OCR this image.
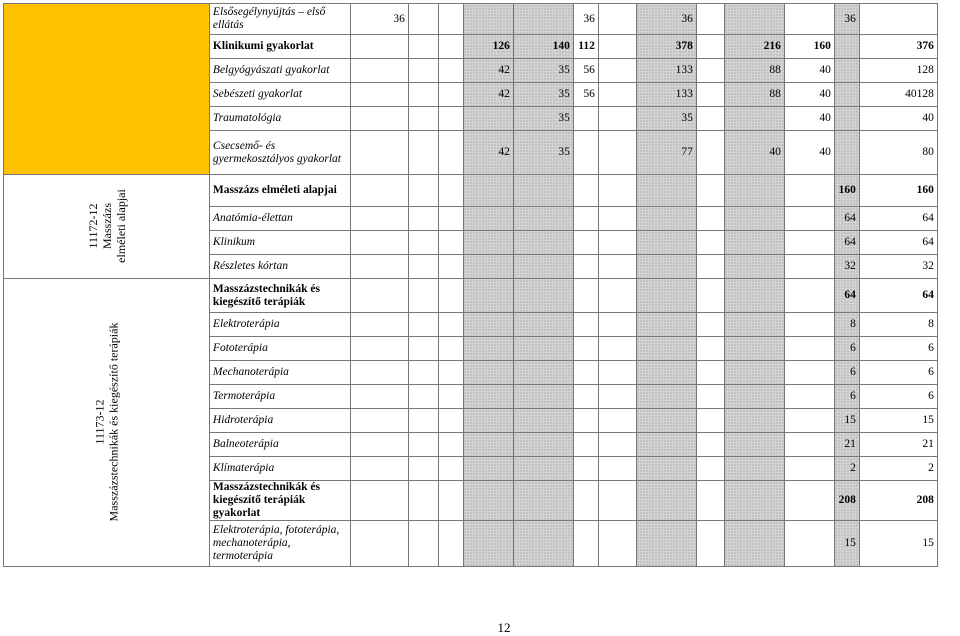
	Elsősegélynyújtás – első ellátás	36					36		36				36	
	Klinikumi gyakorlat				126	140	112		378		216	160		376
	Belgyógyászati gyakorlat				42	35	56		133		88	40		128
	Sebészeti gyakorlat				42	35	56		133		88	40		40128
	Traumatológia					35			35			40		40
	Csecsemő- és gyermekosztályos gyakorlat				42	35			77		40	40		80
11172-12
Masszázs
elméleti alapjai	Masszázs elméleti alapjai												160	160
	Anatómia-élettan												64	64
	Klinikum												64	64
	Részletes kórtan												32	32
11173-12
Masszázstechnikák és kiegészítő terápiák	Masszázstechnikák és kiegészítő terápiák												64	64
	Elektroterápia												8	8
	Fototerápia												6	6
	Mechanoterápia												6	6
	Termoterápia												6	6
	Hidroterápia												15	15
	Balneoterápia												21	21
	Klímaterápia												2	2
	Masszázstechnikák és kiegészítő terápiák gyakorlat												208	208
	Elektroterápia, fototerápia, mechanoterápia, termoterápia												15	15
12
